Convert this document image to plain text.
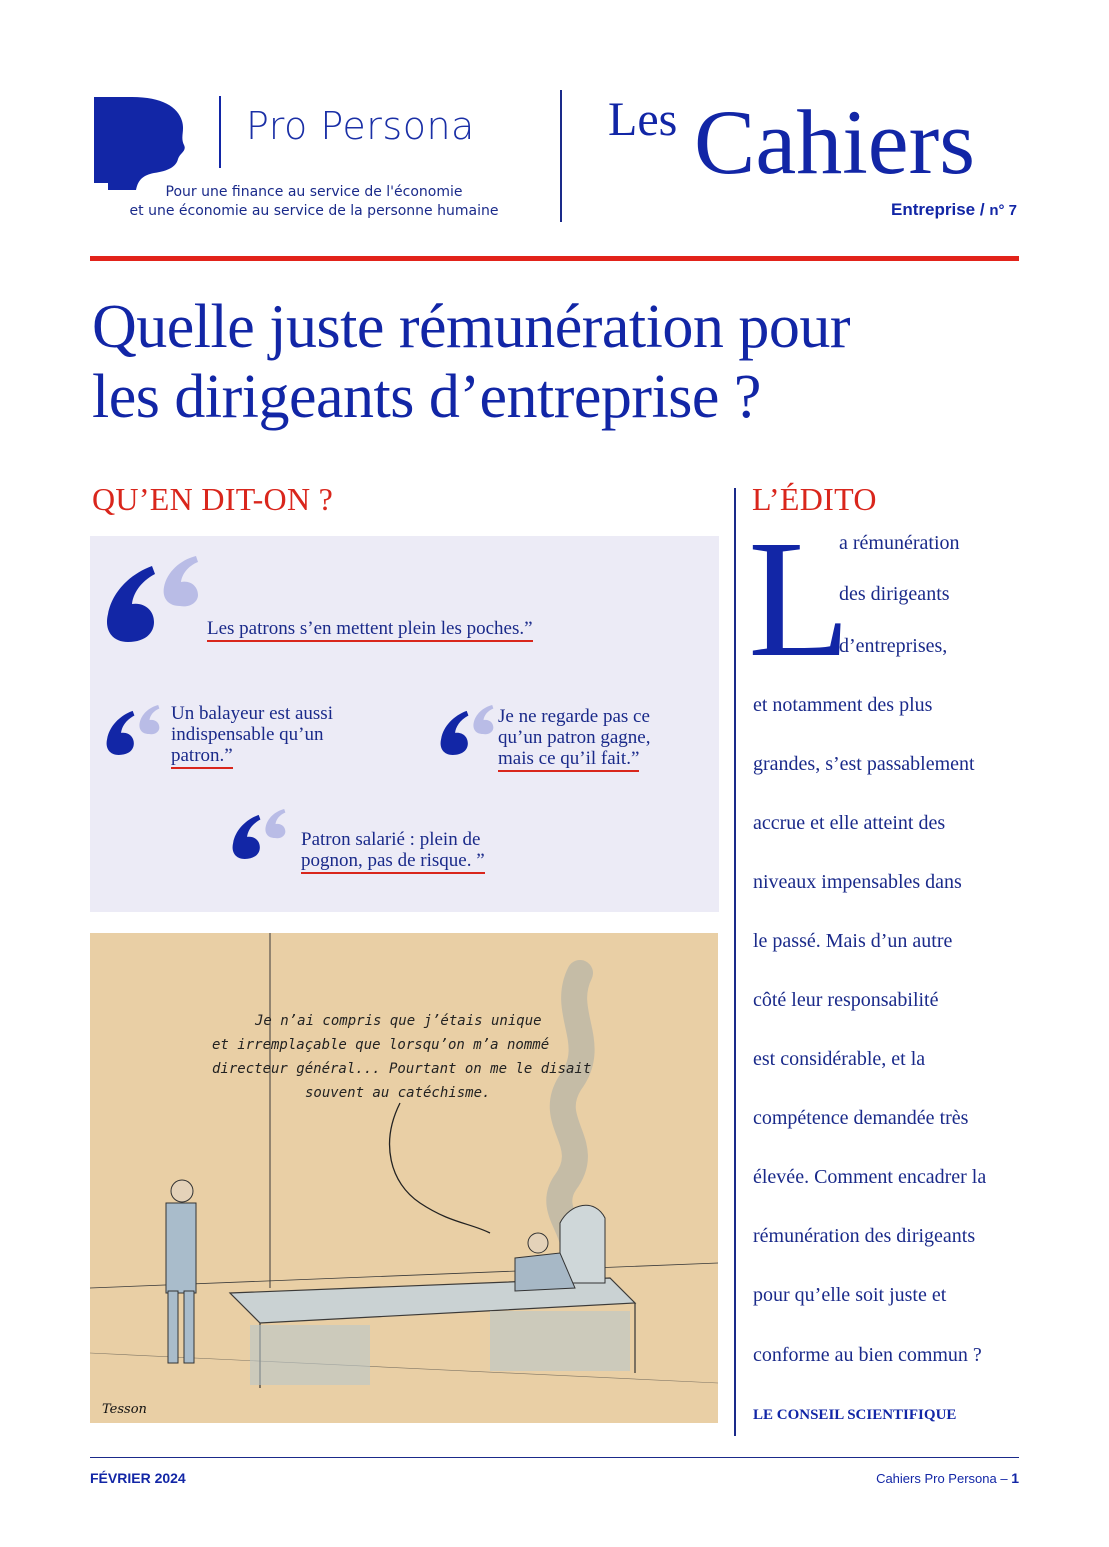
Pro Persona
Pour une finance au service de l'économie
et une économie au service de la personne humaine
Les Cahiers
Entreprise / n° 7
Quelle juste rémunération pour
les dirigeants d’entreprise ?
QU’EN DIT-ON ?
Les patrons s’en mettent plein les poches.”
Un balayeur est aussi
indispensable qu’un
patron.”
Je ne regarde pas ce
qu’un patron gagne,
mais ce qu’il fait.”
Patron salarié : plein de
pognon, pas de risque. ”
Je n’ai compris que j’étais unique
et irremplaçable que lorsqu’on m’a nommé
directeur général... Pourtant on me le disait
souvent au catéchisme.
Tesson
L’ÉDITO
L
a rémunération
des dirigeants
d’entreprises,
et notamment des plus
grandes, s’est passablement
accrue et elle atteint des
niveaux impensables dans
le passé. Mais d’un autre
côté leur responsabilité
est considérable, et la
compétence demandée très
élevée. Comment encadrer la
rémunération des dirigeants
pour qu’elle soit juste et
conforme au bien commun ?
LE CONSEIL SCIENTIFIQUE
FÉVRIER 2024	Cahiers Pro Persona – 1
